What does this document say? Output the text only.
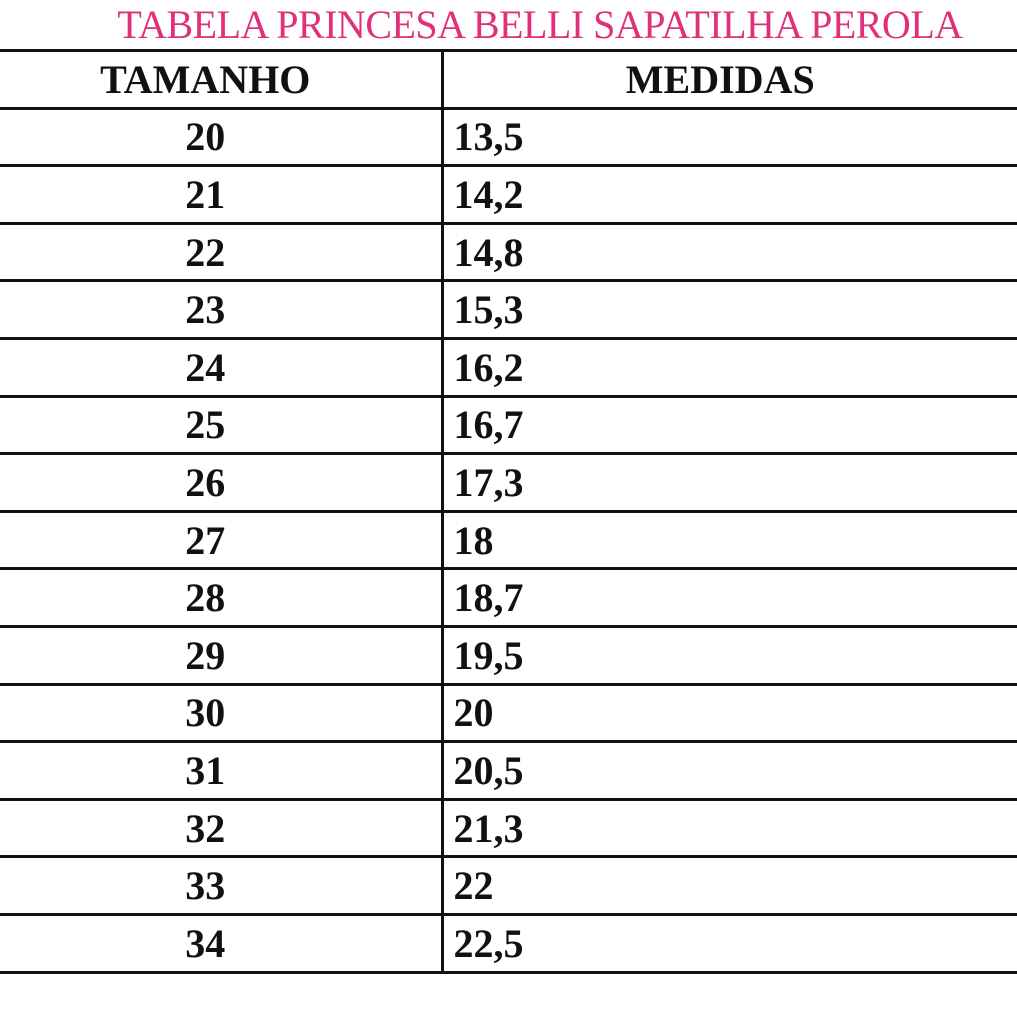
TABELA PRINCESA BELLI SAPATILHA PEROLA
TAMANHO	MEDIDAS
20	13,5
21	14,2
22	14,8
23	15,3
24	16,2
25	16,7
26	17,3
27	18
28	18,7
29	19,5
30	20
31	20,5
32	21,3
33	22
34	22,5
